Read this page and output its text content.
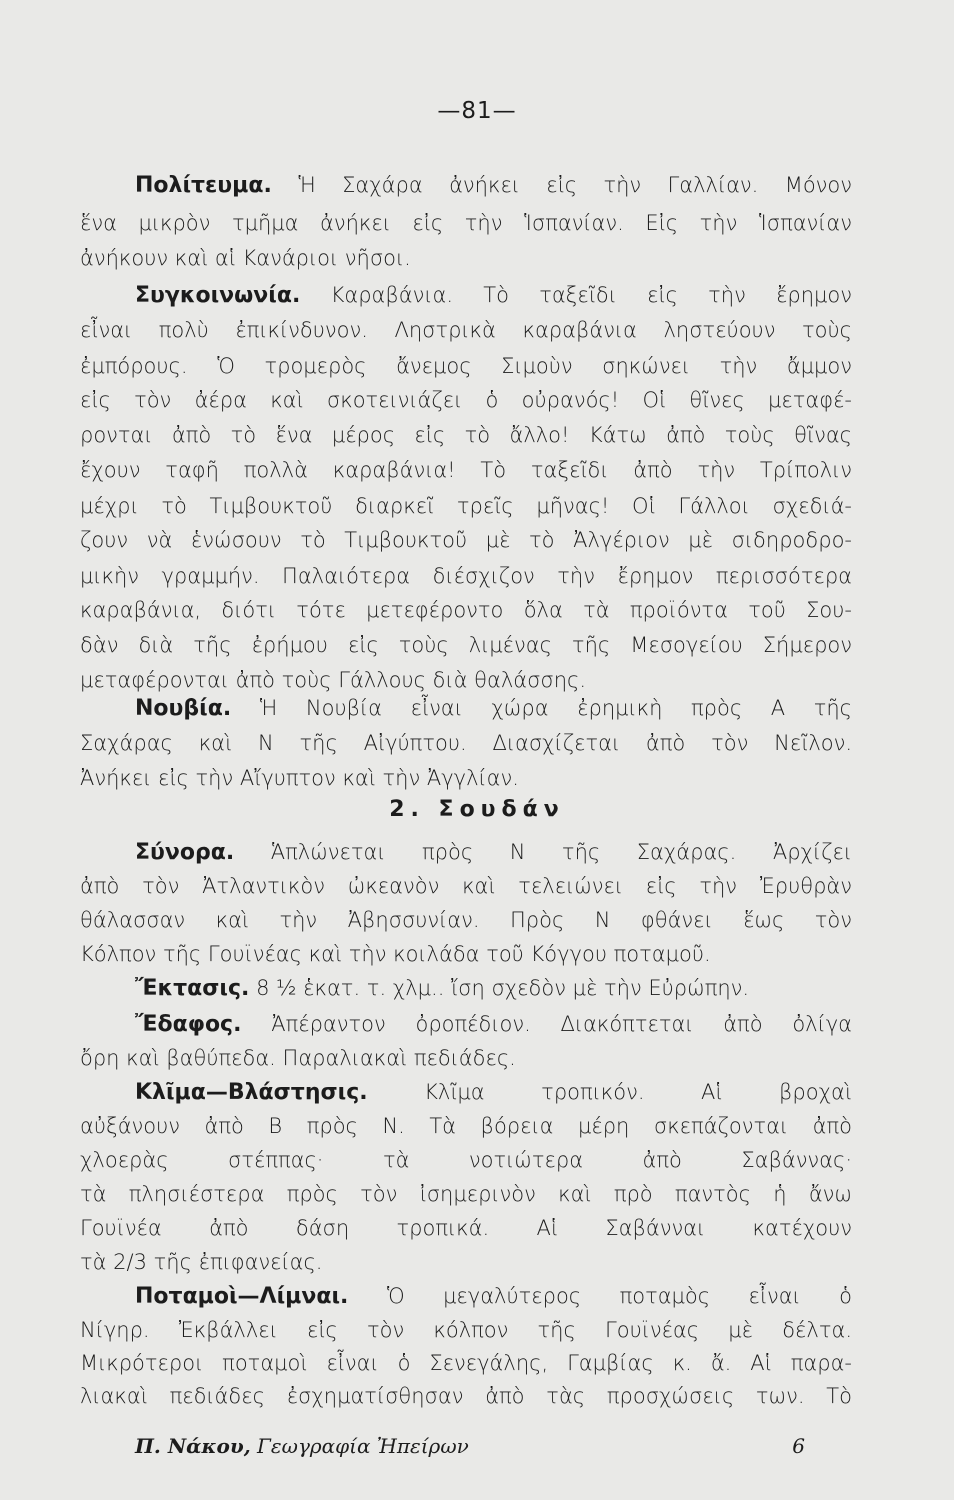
—81—
Πολίτευμα. Ἡ Σαχάρα ἀνήκει εἰς τὴν Γαλλίαν. Μόνον
ἕνα μικρὸν τμῆμα ἀνήκει εἰς τὴν Ἱσπανίαν. Εἰς τὴν Ἱσπανίαν
ἀνήκουν καὶ αἱ Κανάριοι νῆσοι.
Συγκοινωνία. Καραβάνια. Τὸ ταξεῖδι εἰς τὴν ἔρημον
εἶναι πολὺ ἐπικίνδυνον. Ληστρικὰ καραβάνια ληστεύουν τοὺς
ἐμπόρους. Ὁ τρομερὸς ἄνεμος Σιμοὺν σηκώνει τὴν ἄμμον
εἰς τὸν ἀέρα καὶ σκοτεινιάζει ὁ οὐρανός! Οἱ θῖνες μεταφέ-
ρονται ἀπὸ τὸ ἕνα μέρος εἰς τὸ ἄλλο! Κάτω ἀπὸ τοὺς θῖνας
ἔχουν ταφῆ πολλὰ καραβάνια! Τὸ ταξεῖδι ἀπὸ τὴν Τρίπολιν
μέχρι τὸ Τιμβουκτοῦ διαρκεῖ τρεῖς μῆνας! Οἱ Γάλλοι σχεδιά-
ζουν νὰ ἑνώσουν τὸ Τιμβουκτοῦ μὲ τὸ Ἀλγέριον μὲ σιδηροδρο-
μικὴν γραμμήν. Παλαιότερα διέσχιζον τὴν ἔρημον περισσότερα
καραβάνια, διότι τότε μετεφέροντο ὅλα τὰ προϊόντα τοῦ Σου-
δὰν διὰ τῆς ἐρήμου εἰς τοὺς λιμένας τῆς Μεσογείου Σήμερον
μεταφέρονται ἀπὸ τοὺς Γάλλους διὰ θαλάσσης.
Νουβία. Ἡ Νουβία εἶναι χώρα ἐρημικὴ πρὸς Α τῆς
Σαχάρας καὶ Ν τῆς Αἰγύπτου. Διασχίζεται ἀπὸ τὸν Νεῖλον.
Ἀνήκει εἰς τὴν Αἴγυπτον καὶ τὴν Ἀγγλίαν.
Σύνορα. Ἁπλώνεται πρὸς Ν τῆς Σαχάρας. Ἀρχίζει
ἀπὸ τὸν Ἀτλαντικὸν ὠκεανὸν καὶ τελειώνει εἰς τὴν Ἐρυθρὰν
θάλασσαν καὶ τὴν Ἀβησσυνίαν. Πρὸς Ν φθάνει ἕως τὸν
Κόλπον τῆς Γουϊνέας καὶ τὴν κοιλάδα τοῦ Κόγγου ποταμοῦ.
Ἔκτασις. 8 ½ ἑκατ. τ. χλμ.. ἴση σχεδὸν μὲ τὴν Εὐρώπην.
Ἔδαφος. Ἀπέραντον ὀροπέδιον. Διακόπτεται ἀπὸ ὀλίγα
ὄρη καὶ βαθύπεδα. Παραλιακαὶ πεδιάδες.
Κλῖμα—Βλάστησις. Κλῖμα τροπικόν. Αἱ βροχαὶ
αὐξάνουν ἀπὸ Β πρὸς Ν. Τὰ βόρεια μέρη σκεπάζονται ἀπὸ
χλοερὰς στέππας· τὰ νοτιώτερα ἀπὸ Σαβάννας·
τὰ πλησιέστερα πρὸς τὸν ἰσημερινὸν καὶ πρὸ παντὸς ἡ ἄνω
Γουϊνέα ἀπὸ δάση τροπικά. Αἱ Σαβάνναι κατέχουν
τὰ 2/3 τῆς ἐπιφανείας.
Ποταμοὶ—Λίμναι. Ὁ μεγαλύτερος ποταμὸς εἶναι ὁ
Νίγηρ. Ἐκβάλλει εἰς τὸν κόλπον τῆς Γουϊνέας μὲ δέλτα.
Μικρότεροι ποταμοὶ εἶναι ὁ Σενεγάλης, Γαμβίας κ. ἄ. Αἱ παρα-
λιακαὶ πεδιάδες ἐσχηματίσθησαν ἀπὸ τὰς προσχώσεις των. Τὸ
2. Σουδάν
Π. Νάκου, Γεωγραφία Ἠπείρων	6
